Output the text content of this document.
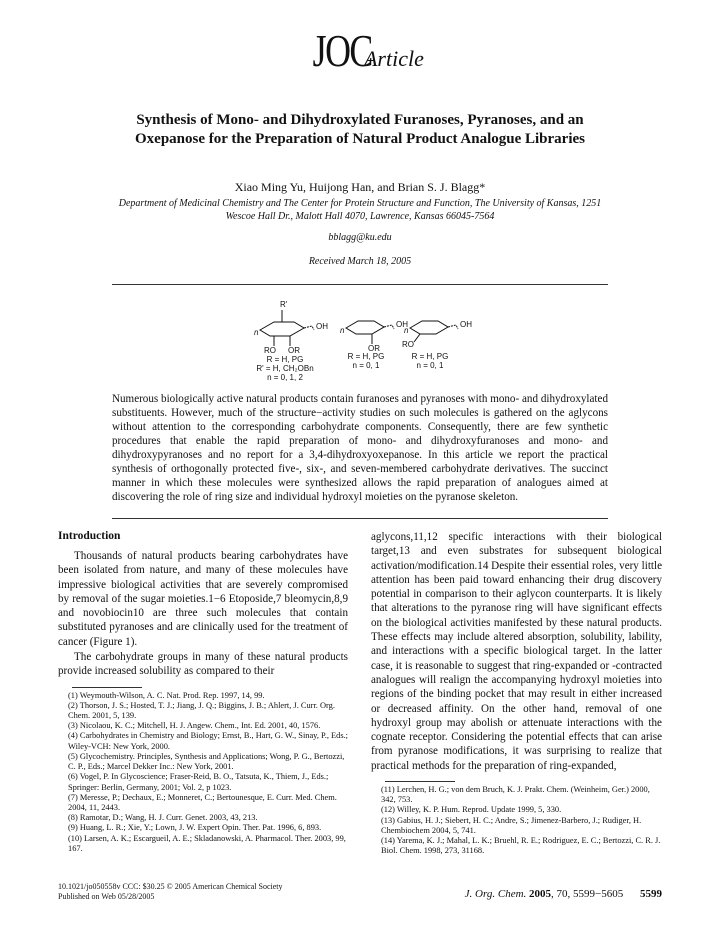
JOCArticle
Synthesis of Mono- and Dihydroxylated Furanoses, Pyranoses, and an Oxepanose for the Preparation of Natural Product Analogue Libraries
Xiao Ming Yu, Huijong Han, and Brian S. J. Blagg*
Department of Medicinal Chemistry and The Center for Protein Structure and Function, The University of Kansas, 1251 Wescoe Hall Dr., Malott Hall 4070, Lawrence, Kansas 66045-7564
bblagg@ku.edu
Received March 18, 2005
R'
OH
n
RO OR
R = H, PG
R' = H, CH₂OBn
n = 0, 1, 2
OH
n
OR
R = H, PG
n = 0, 1
OH
n
RO
R = H, PG
n = 0, 1

Numerous biologically active natural products contain furanoses and pyranoses with mono- and dihydroxylated substituents. However, much of the structure−activity studies on such molecules is gathered on the aglycons without attention to the corresponding carbohydrate components. Consequently, there are few synthetic procedures that enable the rapid preparation of mono- and dihydroxyfuranoses and mono- and dihydroxypyranoses and no report for a 3,4-dihydroxyoxepanose. In this article we report the practical synthesis of orthogonally protected five-, six-, and seven-membered carbohydrate derivatives. The succinct manner in which these molecules were synthesized allows the rapid preparation of analogues aimed at discovering the role of ring size and individual hydroxyl moieties on the pyranose skeleton.

Introduction

Thousands of natural products bearing carbohydrates have been isolated from nature, and many of these molecules have impressive biological activities that are severely compromised by removal of the sugar moieties.1−6 Etoposide,7 bleomycin,8,9 and novobiocin10 are three such molecules that contain substituted pyranoses and are clinically used for the treatment of cancer (Figure 1).

The carbohydrate groups in many of these natural products provide increased solubility as compared to their

(1) Weymouth-Wilson, A. C. Nat. Prod. Rep. 1997, 14, 99.

(2) Thorson, J. S.; Hosted, T. J.; Jiang, J. Q.; Biggins, J. B.; Ahlert, J. Curr. Org. Chem. 2001, 5, 139.

(3) Nicolaou, K. C.; Mitchell, H. J. Angew. Chem., Int. Ed. 2001, 40, 1576.

(4) Carbohydrates in Chemistry and Biology; Ernst, B., Hart, G. W., Sinay, P., Eds.; Wiley-VCH: New York, 2000.

(5) Glycochemistry. Principles, Synthesis and Applications; Wong, P. G., Bertozzi, C. P., Eds.; Marcel Dekker Inc.: New York, 2001.

(6) Vogel, P. In Glycoscience; Fraser-Reid, B. O., Tatsuta, K., Thiem, J., Eds.; Springer: Berlin, Germany, 2001; Vol. 2, p 1023.

(7) Meresse, P.; Dechaux, E.; Monneret, C.; Bertounesque, E. Curr. Med. Chem. 2004, 11, 2443.

(8) Ramotar, D.; Wang, H. J. Curr. Genet. 2003, 43, 213.

(9) Huang, L. R.; Xie, Y.; Lown, J. W. Expert Opin. Ther. Pat. 1996, 6, 893.

(10) Larsen, A. K.; Escargueil, A. E.; Skladanowski, A. Pharmacol. Ther. 2003, 99, 167.

aglycons,11,12 specific interactions with their biological target,13 and even substrates for subsequent biological activation/modification.14 Despite their essential roles, very little attention has been paid toward enhancing their drug discovery potential in comparison to their aglycon counterparts. It is likely that alterations to the pyranose ring will have significant effects on the biological activities manifested by these natural products. These effects may include altered absorption, solubility, lability, and interactions with a specific biological target. In the latter case, it is reasonable to suggest that ring-expanded or -contracted analogues will realign the accompanying hydroxyl moieties into regions of the binding pocket that may result in either increased or decreased affinity. On the other hand, removal of one hydroxyl group may abolish or attenuate interactions with the cognate receptor. Considering the potential effects that can arise from pyranose modifications, it was surprising to realize that practical methods for the preparation of ring-expanded,

(11) Lerchen, H. G.; von dem Bruch, K. J. Prakt. Chem. (Weinheim, Ger.) 2000, 342, 753.

(12) Willey, K. P. Hum. Reprod. Update 1999, 5, 330.

(13) Gabius, H. J.; Siebert, H. C.; Andre, S.; Jimenez-Barbero, J.; Rudiger, H. Chembiochem 2004, 5, 741.

(14) Yarema, K. J.; Mahal, L. K.; Bruehl, R. E.; Rodriguez, E. C.; Bertozzi, C. R. J. Biol. Chem. 1998, 273, 31168.

10.1021/jo050558v CCC: $30.25 © 2005 American Chemical Society
Published on Web 05/28/2005	J. Org. Chem. 2005, 70, 5599−5605 5599
